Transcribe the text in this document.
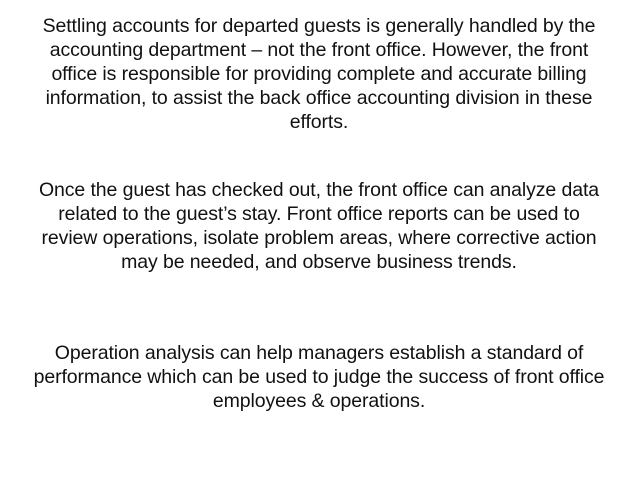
Settling accounts for departed guests is generally handled by the accounting department – not the front office. However, the front office is responsible for providing complete and accurate billing information, to assist the back office accounting division in these efforts.

Once the guest has checked out, the front office can analyze data related to the guest’s stay. Front office reports can be used to review operations, isolate problem areas, where corrective action may be needed, and observe business trends.

Operation analysis can help managers establish a standard of performance which can be used to judge the success of front office employees & operations.
